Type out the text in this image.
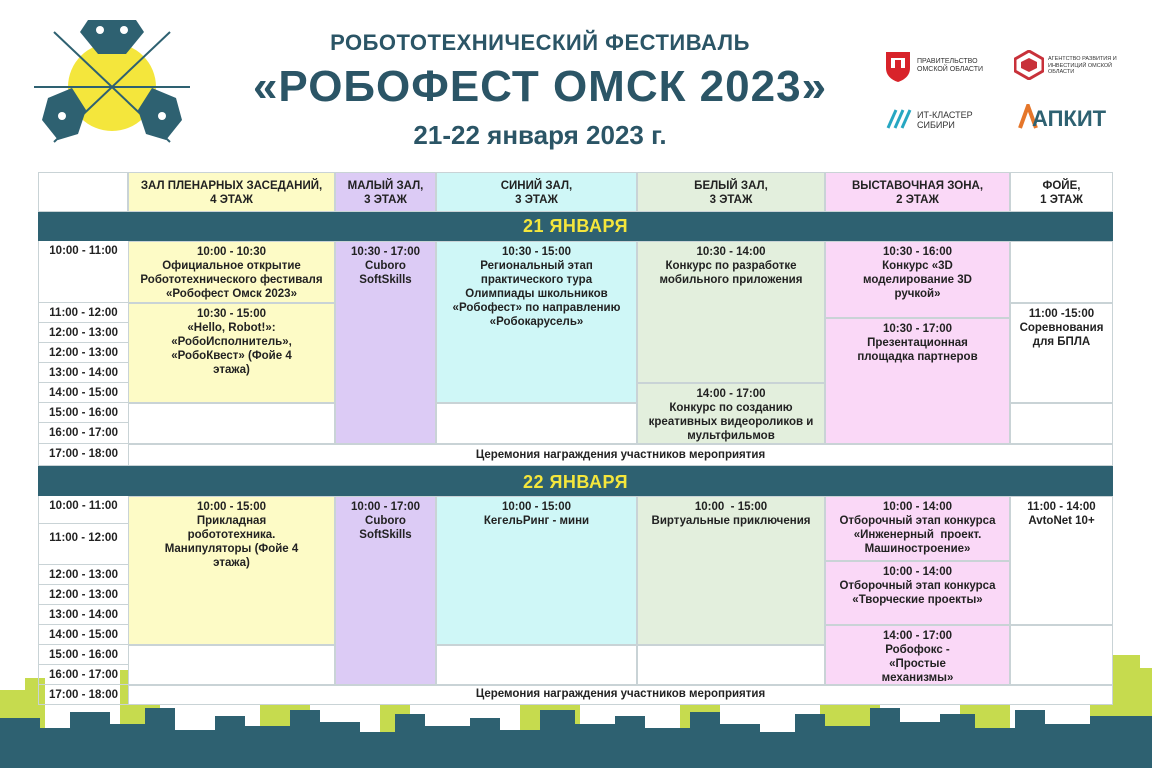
РОБОТОТЕХНИЧЕСКИЙ ФЕСТИВАЛЬ
«РОБОФЕСТ ОМСК 2023»
21-22 января 2023 г.
ПРАВИТЕЛЬСТВО ОМСКОЙ ОБЛАСТИ
АГЕНТСТВО РАЗВИТИЯ И ИНВЕСТИЦИЙ ОМСКОЙ ОБЛАСТИ
ИТ-КЛАСТЕР СИБИРИ	АПКИТ
ЗАЛ ПЛЕНАРНЫХ ЗАСЕДАНИЙ,
4 ЭТАЖ
МАЛЫЙ ЗАЛ,
3 ЭТАЖ
СИНИЙ ЗАЛ,
3 ЭТАЖ
БЕЛЫЙ ЗАЛ,
3 ЭТАЖ
ВЫСТАВОЧНАЯ ЗОНА,
2 ЭТАЖ
ФОЙЕ,
1 ЭТАЖ
21 ЯНВАРЯ
10:00 - 11:00
11:00 - 12:00
12:00 - 13:00
12:00 - 13:00
13:00 - 14:00
14:00 - 15:00
15:00 - 16:00
16:00 - 17:00
17:00 - 18:00
10:00 - 10:30
Официальное открытие Робототехнического фестиваля «Робофест Омск 2023»
10:30 - 15:00
«Hello, Robot!»: «РобоИсполнитель», «РобоКвест» (Фойе 4 этажа)
10:30 - 17:00
Cuboro SoftSkills
10:30 - 15:00
Региональный этап практического тура Олимпиады школьников «Робофест» по направлению «Робокарусель»
10:30 - 14:00
Конкурс по разработке мобильного приложения
14:00 - 17:00
Конкурс по созданию креативных видеороликов и мультфильмов
10:30 - 16:00
Конкурс «3D моделирование 3D ручкой»
10:30 - 17:00
Презентационная площадка партнеров
11:00 -15:00
Соревнования для БПЛА
Церемония награждения участников мероприятия
22 ЯНВАРЯ
10:00 - 11:00
11:00 - 12:00
12:00 - 13:00
12:00 - 13:00
13:00 - 14:00
14:00 - 15:00
15:00 - 16:00
16:00 - 17:00
17:00 - 18:00
10:00 - 15:00
Прикладная робототехника. Манипуляторы (Фойе 4 этажа)
10:00 - 17:00
Cuboro SoftSkills
10:00 - 15:00
КегельРинг - мини
10:00  - 15:00
Виртуальные приключения
10:00 - 14:00
Отборочный этап конкурса «Инженерный  проект. Машиностроение»
10:00 - 14:00
Отборочный этап конкурса «Творческие проекты»
14:00 - 17:00
Робофокс - «Простые механизмы»
11:00 - 14:00
AvtoNet 10+
Церемония награждения участников мероприятия
